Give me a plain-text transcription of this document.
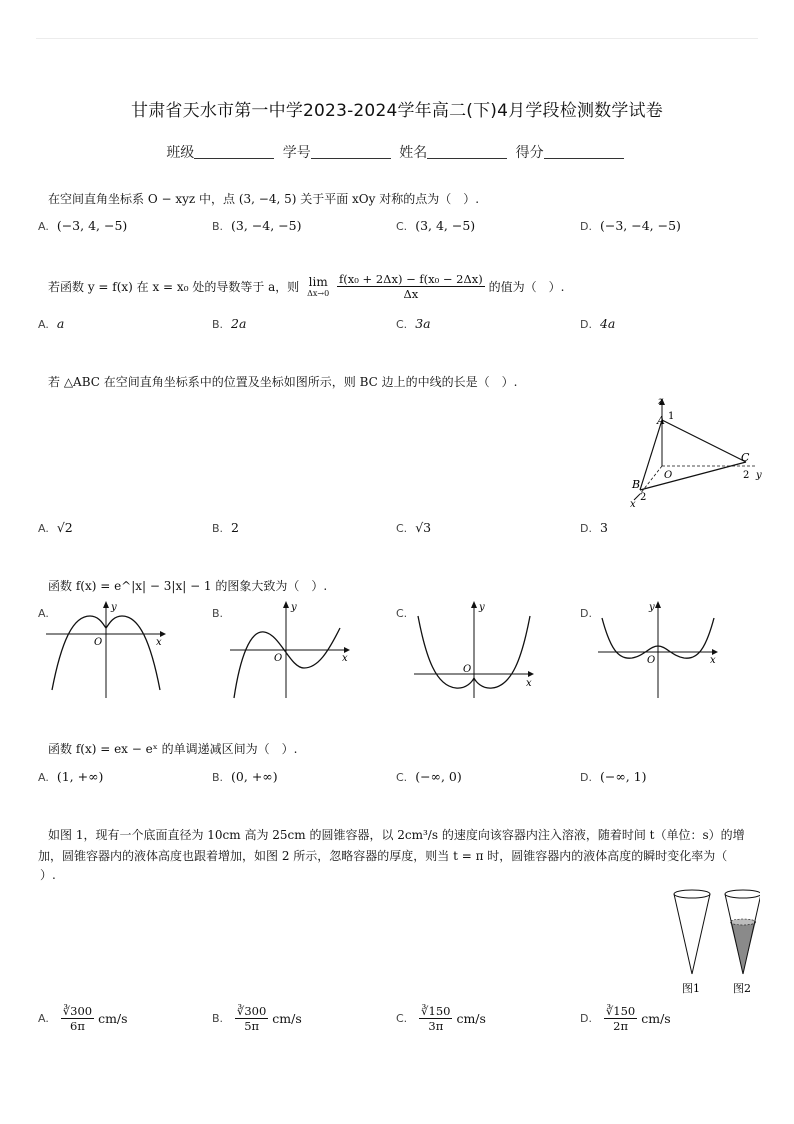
甘肃省天水市第一中学2023-2024学年高二(下)4月学段检测数学试卷
班级	学号	姓名	得分
在空间直角坐标系 O − xyz 中，点 (3, −4, 5) 关于平面 xOy 对称的点为（　）.
A. (−3, 4, −5)	B. (3, −4, −5)	C. (3, 4, −5)	D. (−3, −4, −5)
若函数 y = f(x) 在 x = x₀ 处的导数等于 a，则 lim
Δx→0
$\frac{\text{f(x₀ + 2Δx) − f(x₀ − 2Δx)}}{\Delta x}$ 的值为（　）.
A. a	B. 2a	C. 3a	D. 4a
若 △ABC 在空间直角坐标系中的位置及坐标如图所示，则 BC 边上的中线的长是（　）.
z
A 1
O
C
2 y
B
2
x
A. √2	B. 2	C. √3	D. 3
函数 f(x) = e^|x| − 3|x| − 1 的图象大致为（　）.
A.	y
O	x
B.	y
O	x
C.	y
O
x
D.	y
O	x
函数 f(x) = ex − eˣ 的单调递减区间为（　）.
A. (1, +∞)	B. (0, +∞)	C. (−∞, 0)	D. (−∞, 1)
如图 1，现有一个底面直径为 10cm 高为 25cm 的圆锥容器，以 2cm³/s 的速度向该容器内注入溶液，随着时间 t（单位：s）的增
加，圆锥容器内的液体高度也跟着增加，如图 2 所示，忽略容器的厚度，则当 t = π 时，圆锥容器内的液体高度的瞬时变化率为（
）.
图1	图2
A. $\frac{∛300}{6\pi} cm/s$	B. $\frac{∛300}{5\pi} cm/s$	C. $\frac{∛150}{3\pi} cm/s$	D. $\frac{∛150}{2\pi} cm/s$
